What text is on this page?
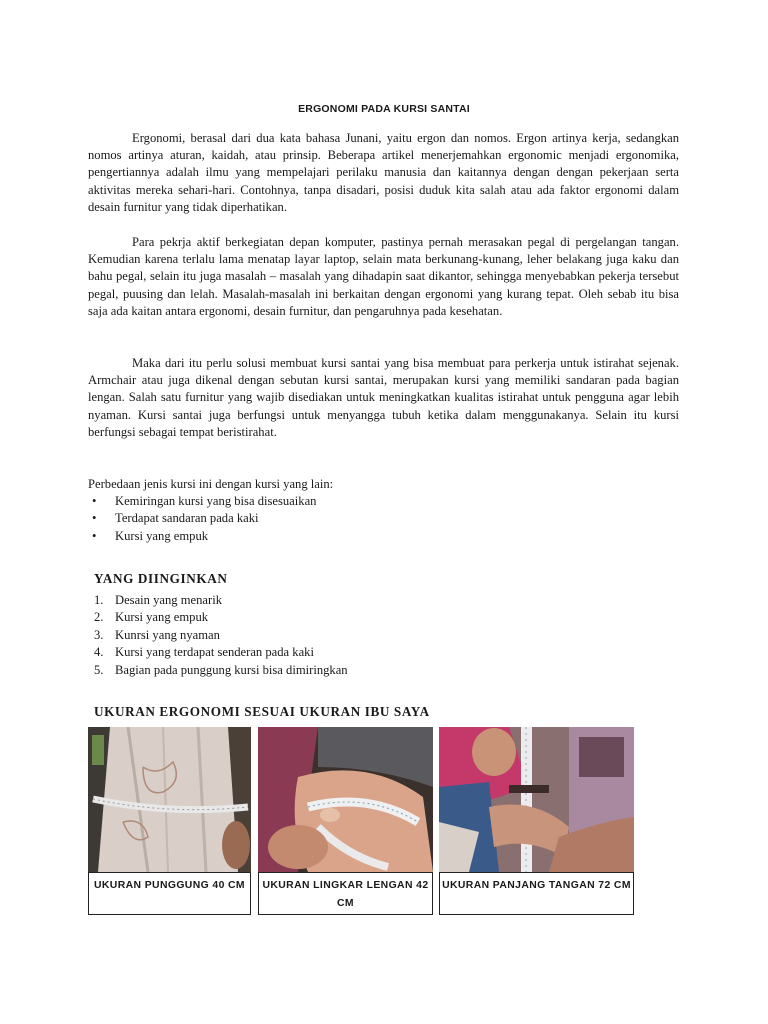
ERGONOMI PADA KURSI SANTAI

Ergonomi, berasal dari dua kata bahasa Junani, yaitu ergon dan nomos. Ergon artinya kerja, sedangkan nomos artinya aturan, kaidah, atau prinsip. Beberapa artikel menerjemahkan ergonomic menjadi ergonomika, pengertiannya adalah ilmu yang mempelajari perilaku manusia dan kaitannya dengan dengan pekerjaan serta aktivitas mereka sehari-hari. Contohnya, tanpa disadari, posisi duduk kita salah atau ada faktor ergonomi dalam desain furnitur yang tidak diperhatikan.

Para pekrja aktif berkegiatan depan komputer, pastinya pernah merasakan pegal di pergelangan tangan. Kemudian karena terlalu lama menatap layar laptop, selain mata berkunang-kunang, leher belakang juga kaku dan bahu pegal, selain itu juga masalah – masalah yang dihadapin saat dikantor, sehingga menyebabkan pekerja tersebut pegal, puusing dan lelah. Masalah-masalah ini berkaitan dengan ergonomi yang kurang tepat. Oleh sebab itu bisa saja ada kaitan antara ergonomi, desain furnitur, dan pengaruhnya pada kesehatan.

Maka dari itu perlu solusi membuat kursi santai yang bisa membuat para perkerja untuk istirahat sejenak. Armchair atau juga dikenal dengan sebutan kursi santai, merupakan kursi yang memiliki sandaran pada bagian lengan. Salah satu furnitur yang wajib disediakan untuk meningkatkan kualitas istirahat untuk pengguna agar lebih nyaman. Kursi santai juga berfungsi untuk menyangga tubuh ketika dalam menggunakanya. Selain itu kursi berfungsi sebagai tempat beristirahat.

Perbedaan jenis kursi ini dengan kursi yang lain:

• Kemiringan kursi yang bisa disesuaikan
• Terdapat sandaran pada kaki
• Kursi yang empuk
YANG DIINGINKAN
1. Desain yang menarik
2. Kursi yang empuk
3. Kunrsi yang nyaman
4. Kursi yang terdapat senderan pada kaki
5. Bagian pada punggung kursi bisa dimiringkan
UKURAN ERGONOMI SESUAI UKURAN IBU SAYA
UKURAN PUNGGUNG 40 CM	UKURAN LINGKAR LENGAN 42 CM
UKURAN PANJANG TANGAN 72 CM
